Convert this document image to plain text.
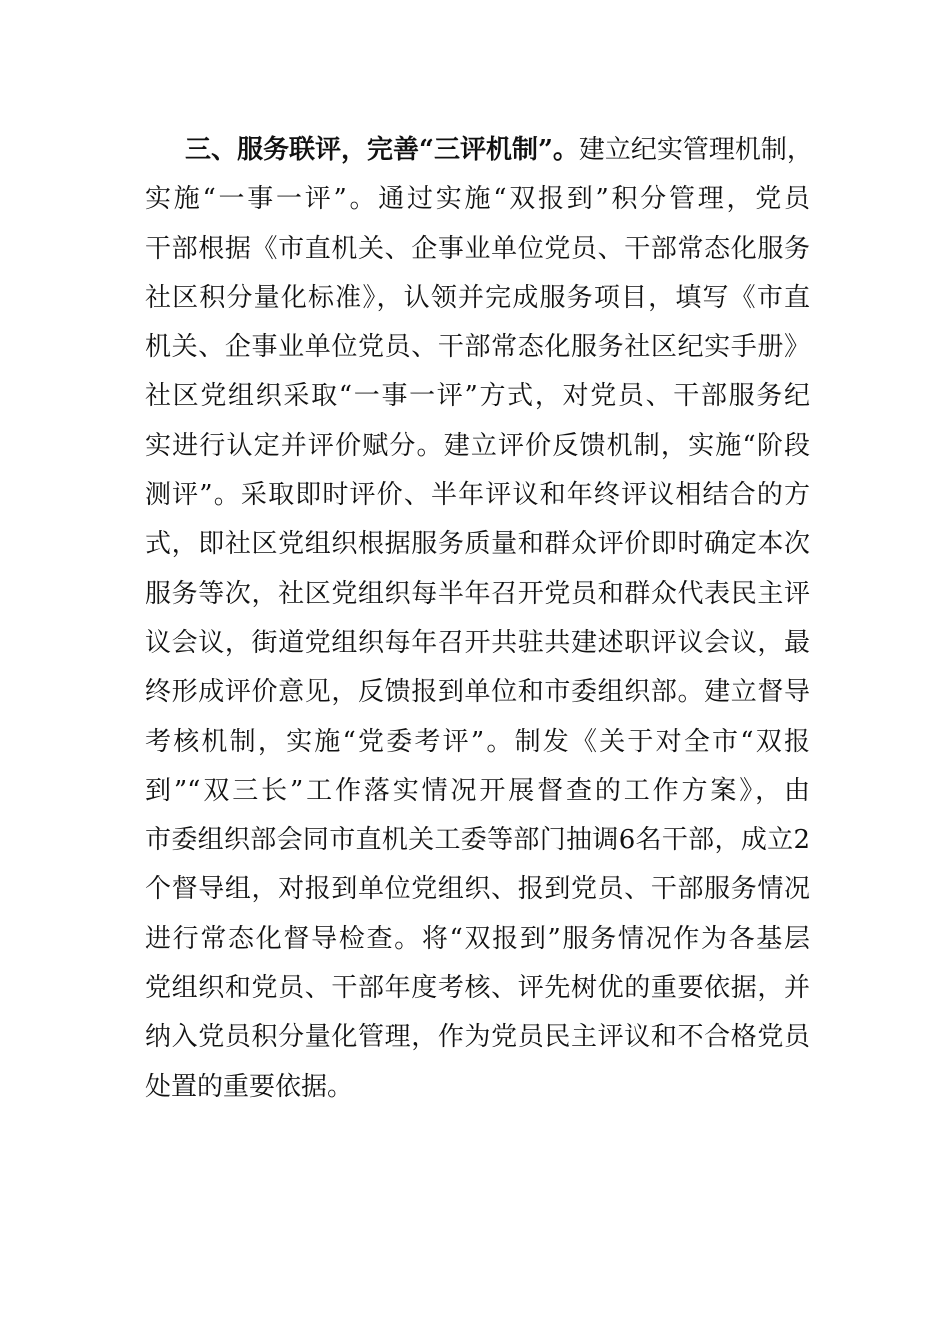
三、服务联评，完善“三评机制”。建立纪实管理机制，
实施“一事一评”。通过实施“双报到”积分管理，党员
干部根据《市直机关、企事业单位党员、干部常态化服务
社区积分量化标准》，认领并完成服务项目，填写《市直
机关、企事业单位党员、干部常态化服务社区纪实手册》
社区党组织采取“一事一评”方式，对党员、干部服务纪
实进行认定并评价赋分。建立评价反馈机制，实施“阶段
测评”。采取即时评价、半年评议和年终评议相结合的方
式，即社区党组织根据服务质量和群众评价即时确定本次
服务等次，社区党组织每半年召开党员和群众代表民主评
议会议，街道党组织每年召开共驻共建述职评议会议，最
终形成评价意见，反馈报到单位和市委组织部。建立督导
考核机制，实施“党委考评”。制发《关于对全市“双报
到”“双三长”工作落实情况开展督查的工作方案》，由
市委组织部会同市直机关工委等部门抽调6名干部，成立2
个督导组，对报到单位党组织、报到党员、干部服务情况
进行常态化督导检查。将“双报到”服务情况作为各基层
党组织和党员、干部年度考核、评先树优的重要依据，并
纳入党员积分量化管理，作为党员民主评议和不合格党员
处置的重要依据。
